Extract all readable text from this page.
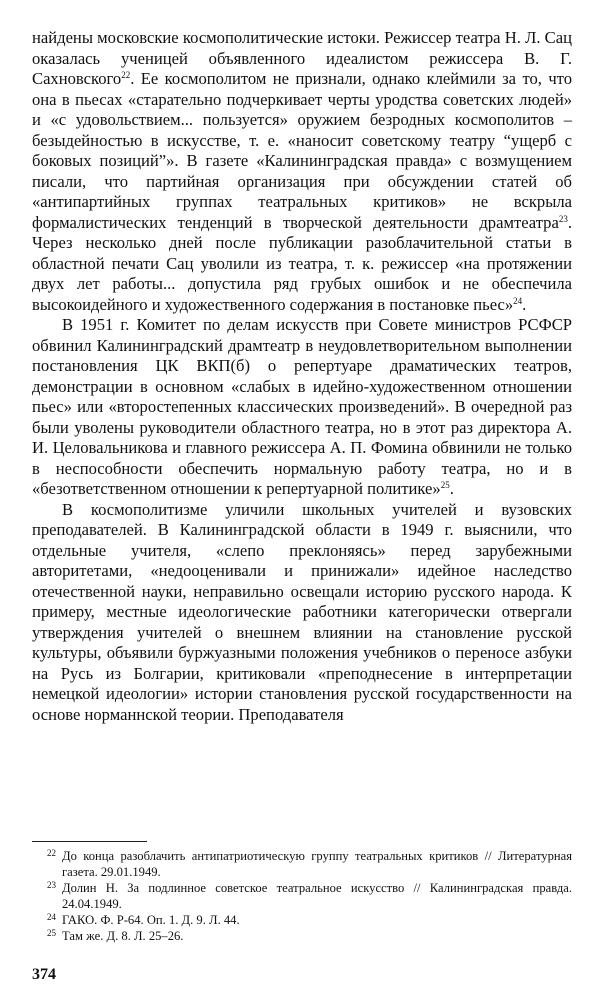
найдены московские космополитические истоки. Режиссер театра Н. Л. Сац оказалась ученицей объявленного идеалистом режиссера В. Г. Сахновского$^{22}$. Ее космополитом не признали, однако клеймили за то, что она в пьесах «старательно подчеркивает черты уродства советских людей» и «с удовольствием... пользуется» оружием безродных космополитов – безыдейностью в искусстве, т. е. «наносит советскому театру “ущерб с боковых позиций”». В газете «Калининградская правда» с возмущением писали, что партийная организация при обсуждении статей об «антипартийных группах театральных критиков» не вскрыла формалистических тенденций в творческой деятельности драмтеатра$^{23}$. Через несколько дней после публикации разоблачительной статьи в областной печати Сац уволили из театра, т. к. режиссер «на протяжении двух лет работы... допустила ряд грубых ошибок и не обеспечила высокоидейного и художественного содержания в постановке пьес»$^{24}$.

В 1951 г. Комитет по делам искусств при Совете министров РСФСР обвинил Калининградский драмтеатр в неудовлетворительном выполнении постановления ЦК ВКП(б) о репертуаре драматических театров, демонстрации в основном «слабых в идейно-художественном отношении пьес» или «второстепенных классических произведений». В очередной раз были уволены руководители областного театра, но в этот раз директора А. И. Целовальникова и главного режиссера А. П. Фомина обвинили не только в неспособности обеспечить нормальную работу театра, но и в «безответственном отношении к репертуарной политике»$^{25}$.

В космополитизме уличили школьных учителей и вузовских преподавателей. В Калининградской области в 1949 г. выяснили, что отдельные учителя, «слепо преклоняясь» перед зарубежными авторитетами, «недооценивали и принижали» идейное наследство отечественной науки, неправильно освещали историю русского народа. К примеру, местные идеологические работники категорически отвергали утверждения учителей о внешнем влиянии на становление русской культуры, объявили буржуазными положения учебников о переносе азбуки на Русь из Болгарии, критиковали «преподнесение в интерпретации немецкой идеологии» истории становления русской государственности на основе норманнской теории. Преподавателя

$^{22}$ До конца разоблачить антипатриотическую группу театральных критиков // Литературная газета. 29.01.1949.
$^{23}$ Долин Н. За подлинное советское театральное искусство // Калининградская правда. 24.04.1949.
$^{24}$ ГАКО. Ф. Р-64. Оп. 1. Д. 9. Л. 44.
$^{25}$ Там же. Д. 8. Л. 25–26.
374
